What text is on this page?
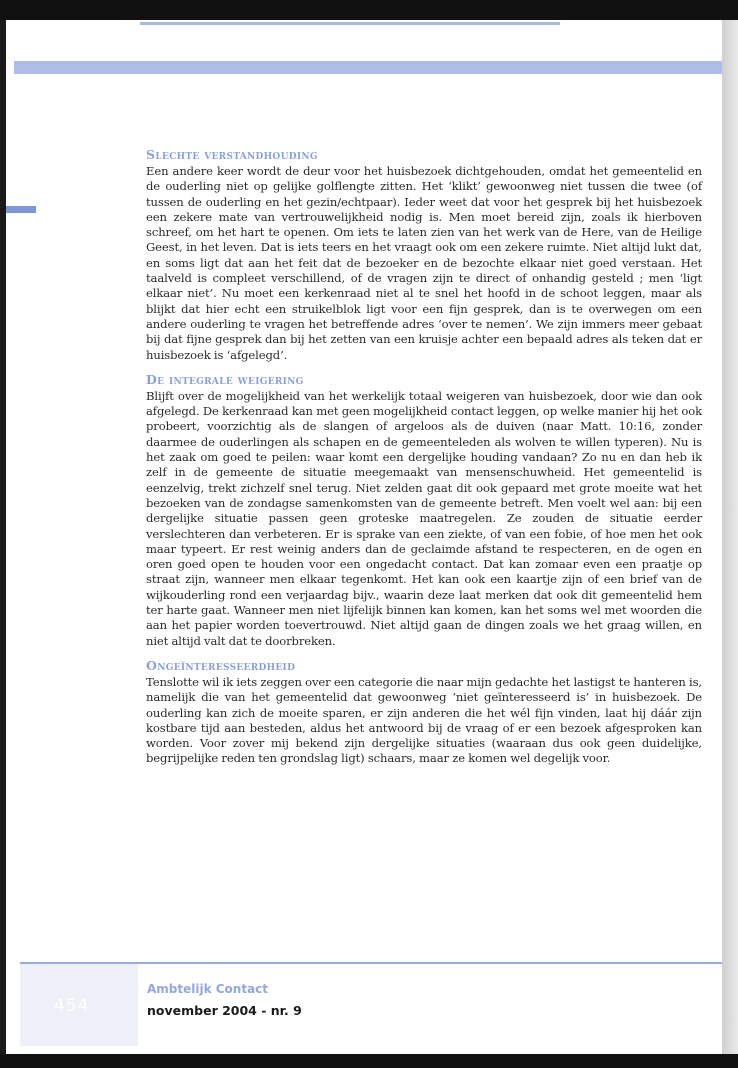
Slechte verstandhouding

Een andere keer wordt de deur voor het huisbezoek dichtgehouden, omdat het gemeentelid en de ouderling niet op gelijke golflengte zitten. Het ‘klikt’ gewoonweg niet tussen die twee (of tussen de ouderling en het gezin/echtpaar). Ieder weet dat voor het gesprek bij het huisbezoek een zekere mate van vertrouwelijkheid nodig is. Men moet bereid zijn, zoals ik hierboven schreef, om het hart te openen. Om iets te laten zien van het werk van de Here, van de Heilige Geest, in het leven. Dat is iets teers en het vraagt ook om een zekere ruimte. Niet altijd lukt dat, en soms ligt dat aan het feit dat de bezoeker en de bezochte elkaar niet goed verstaan. Het taalveld is compleet verschillend, of de vragen zijn te direct of onhandig gesteld ; men ‘ligt elkaar niet’. Nu moet een kerkenraad niet al te snel het hoofd in de schoot leggen, maar als blijkt dat hier echt een struikelblok ligt voor een fijn gesprek, dan is te overwegen om een andere ouderling te vragen het betreffende adres ‘over te nemen’. We zijn immers meer gebaat bij dat fijne gesprek dan bij het zetten van een kruisje achter een bepaald adres als teken dat er huisbezoek is ‘afgelegd’.

De integrale weigering

Blijft over de mogelijkheid van het werkelijk totaal weigeren van huisbezoek, door wie dan ook afgelegd. De kerkenraad kan met geen mogelijkheid contact leggen, op welke manier hij het ook probeert, voorzichtig als de slangen of argeloos als de duiven (naar Matt. 10:16, zonder daarmee de ouderlingen als schapen en de gemeenteleden als wolven te willen typeren). Nu is het zaak om goed te peilen: waar komt een dergelijke houding vandaan? Zo nu en dan heb ik zelf in de gemeente de situatie meegemaakt van mensenschuwheid. Het gemeentelid is eenzelvig, trekt zichzelf snel terug. Niet zelden gaat dit ook gepaard met grote moeite wat het bezoeken van de zondagse samenkomsten van de gemeente betreft. Men voelt wel aan: bij een dergelijke situatie passen geen groteske maatregelen. Ze zouden de situatie eerder verslechteren dan verbeteren. Er is sprake van een ziekte, of van een fobie, of hoe men het ook maar typeert. Er rest weinig anders dan de geclaimde afstand te respecteren, en de ogen en oren goed open te houden voor een ongedacht contact. Dat kan zomaar even een praatje op straat zijn, wanneer men elkaar tegenkomt. Het kan ook een kaartje zijn of een brief van de wijkouderling rond een verjaardag bijv., waarin deze laat merken dat ook dit gemeentelid hem ter harte gaat. Wanneer men niet lijfelijk binnen kan komen, kan het soms wel met woorden die aan het papier worden toevertrouwd. Niet altijd gaan de dingen zoals we het graag willen, en niet altijd valt dat te doorbreken.

Ongeïnteresseerdheid

Tenslotte wil ik iets zeggen over een categorie die naar mijn gedachte het lastigst te hanteren is, namelijk die van het gemeentelid dat gewoonweg ‘niet geïnteresseerd is’ in huisbezoek. De ouderling kan zich de moeite sparen, er zijn anderen die het wél fijn vinden, laat hij dáár zijn kostbare tijd aan besteden, aldus het antwoord bij de vraag of er een bezoek afgesproken kan worden. Voor zover mij bekend zijn dergelijke situaties (waaraan dus ook geen duidelijke, begrijpelijke reden ten grondslag ligt) schaars, maar ze komen wel degelijk voor.

454
Ambtelijk Contact
november 2004 - nr. 9
